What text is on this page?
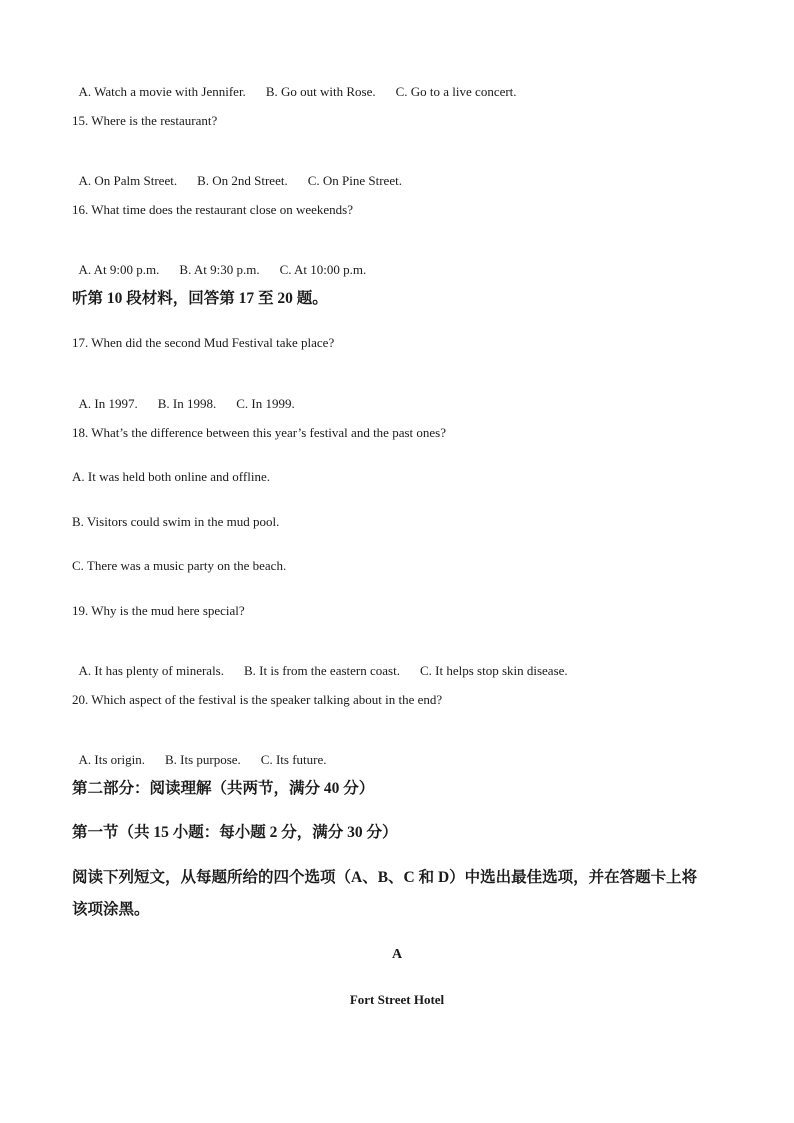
A. Watch a movie with Jennifer. B. Go out with Rose. C. Go to a live concert.

15. Where is the restaurant?

A. On Palm Street. B. On 2nd Street. C. On Pine Street.

16. What time does the restaurant close on weekends?

A. At 9:00 p.m. B. At 9:30 p.m. C. At 10:00 p.m.

听第 10 段材料，回答第 17 至 20 题。
17. When did the second Mud Festival take place?

A. In 1997. B. In 1998. C. In 1999.

18. What’s the difference between this year’s festival and the past ones?
A. It was held both online and offline.
B. Visitors could swim in the mud pool.
C. There was a music party on the beach.
19. Why is the mud here special?

A. It has plenty of minerals. B. It is from the eastern coast. C. It helps stop skin disease.

20. Which aspect of the festival is the speaker talking about in the end?

A. Its origin. B. Its purpose. C. Its future.

第二部分：阅读理解（共两节，满分 40 分）
第一节（共 15 小题：每小题 2 分，满分 30 分）
阅读下列短文，从每题所给的四个选项（A、B、C 和 D）中选出最佳选项，并在答题卡上将
该项涂黑。
A
Fort Street Hotel
